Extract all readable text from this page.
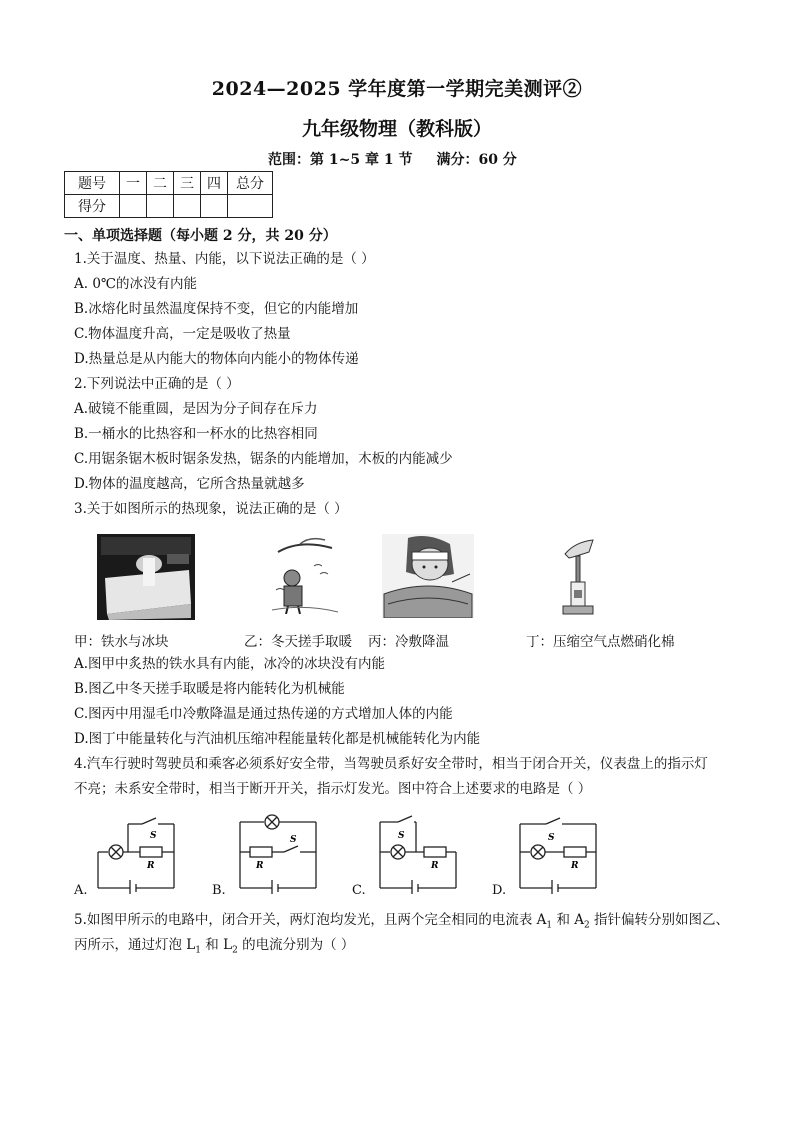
2024—2025 学年度第一学期完美测评②
九年级物理（教科版）
范围：第 1~5 章 1 节 满分：60 分
题号	一	二	三	四	总分
得分					
一、单项选择题（每小题 2 分，共 20 分）
1.关于温度、热量、内能，以下说法正确的是（ ）
A. 0℃的冰没有内能
B.冰熔化时虽然温度保持不变，但它的内能增加
C.物体温度升高，一定是吸收了热量
D.热量总是从内能大的物体向内能小的物体传递
2.下列说法中正确的是（ ）
A.破镜不能重圆，是因为分子间存在斥力
B.一桶水的比热容和一杯水的比热容相同
C.用锯条锯木板时锯条发热，锯条的内能增加，木板的内能减少
D.物体的温度越高，它所含热量就越多
3.关于如图所示的热现象，说法正确的是（ ）
甲：铁水与冰块	乙：冬天搓手取暖 丙：冷敷降温	丁：压缩空气点燃硝化棉
A.图甲中炙热的铁水具有内能，冰冷的冰块没有内能
B.图乙中冬天搓手取暖是将内能转化为机械能
C.图丙中用湿毛巾冷敷降温是通过热传递的方式增加人体的内能
D.图丁中能量转化与汽油机压缩冲程能量转化都是机械能转化为内能
4.汽车行驶时驾驶员和乘客必须系好安全带，当驾驶员系好安全带时，相当于闭合开关，仪表盘上的指示灯
不亮；未系安全带时，相当于断开开关，指示灯发光。图中符合上述要求的电路是（ ）
S
R
A.
S
R
B.
S
R
C.
S
R
D.
5.如图甲所示的电路中，闭合开关，两灯泡均发光，且两个完全相同的电流表 $A_1$ 和 $A_2$ 指针偏转分别如图乙、
丙所示，通过灯泡 $L_1$ 和 $L_2$ 的电流分别为（ ）
